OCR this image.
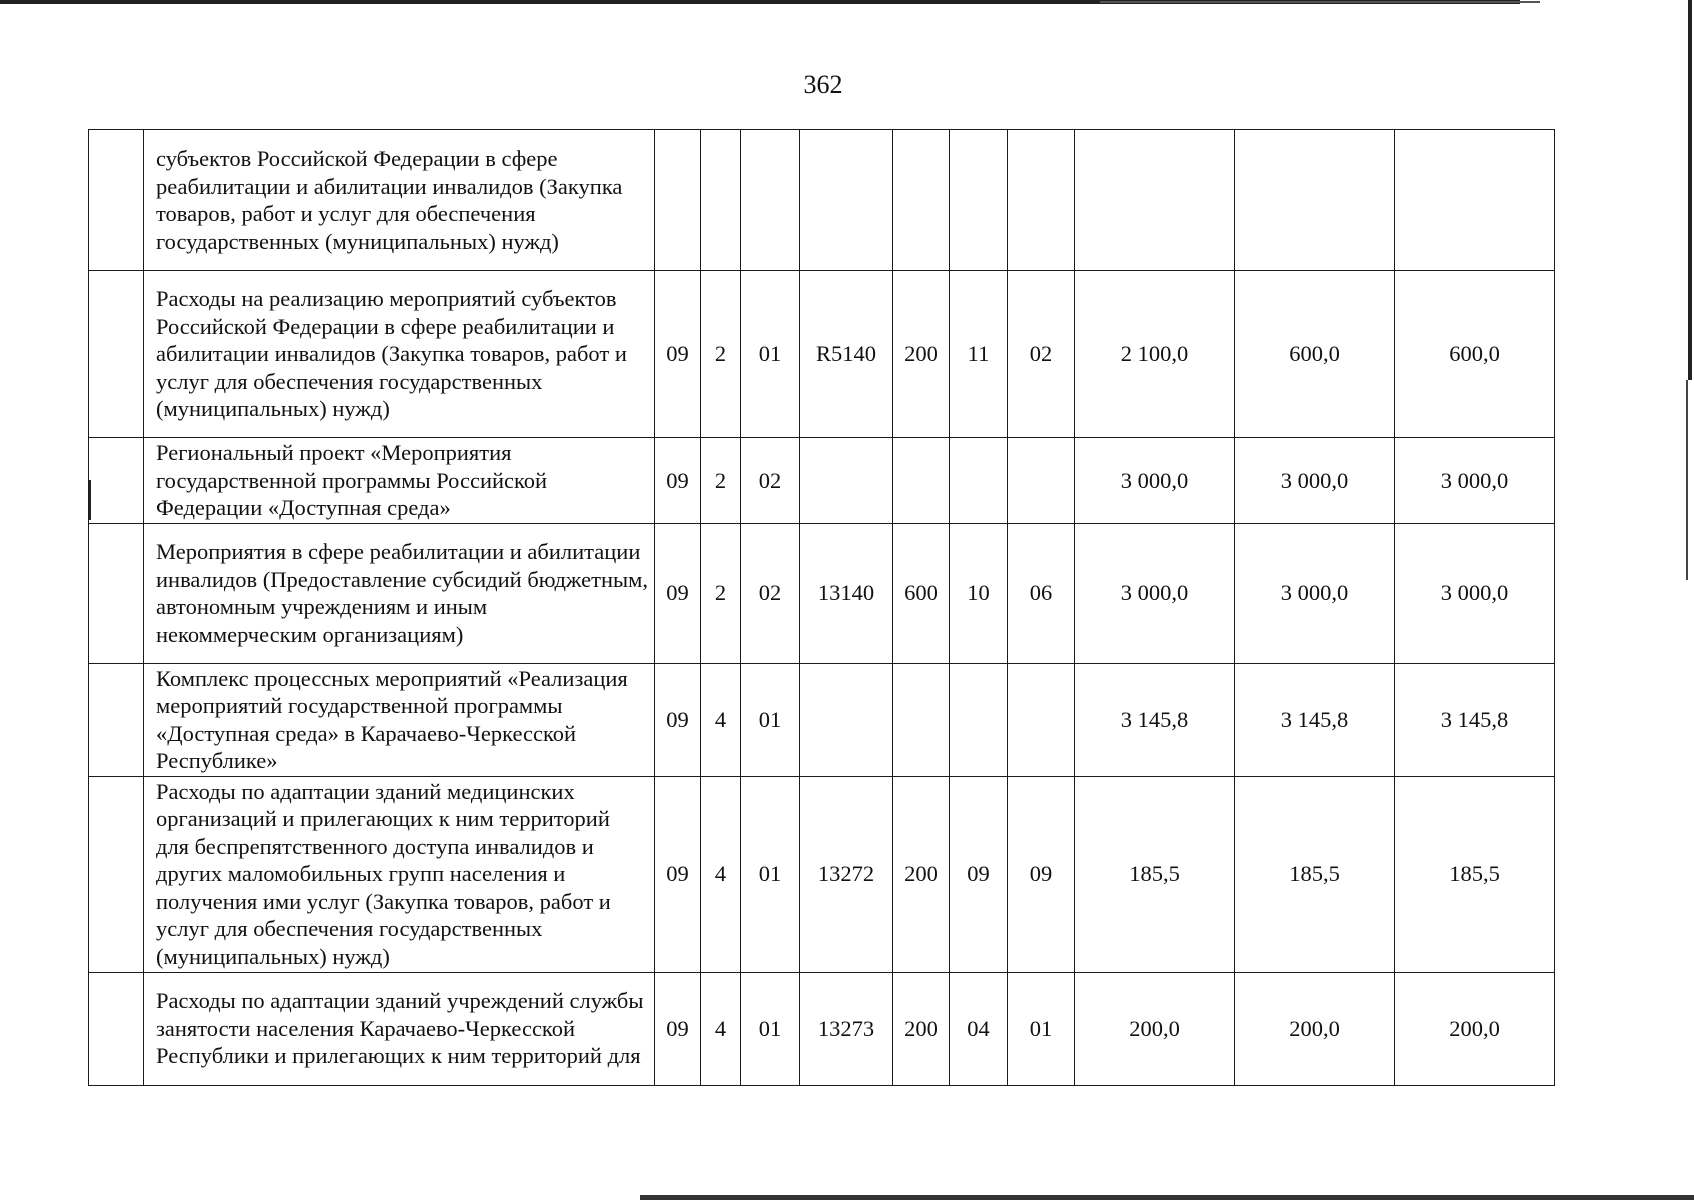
362
	субъектов Российской Федерации в сфере реабилитации и абилитации инвалидов (Закупка товаров, работ и услуг для обеспечения государственных (муниципальных) нужд)										
	Расходы на реализацию мероприятий субъектов Российской Федерации в сфере реабилитации и абилитации инвалидов (Закупка товаров, работ и услуг для обеспечения государственных (муниципальных) нужд)	09	2	01	R5140	200	11	02	2 100,0	600,0	600,0
	Региональный проект «Мероприятия государственной программы Российской Федерации «Доступная среда»	09	2	02					3 000,0	3 000,0	3 000,0
	Мероприятия в сфере реабилитации и абилитации инвалидов (Предоставление субсидий бюджетным, автономным учреждениям и иным некоммерческим организациям)	09	2	02	13140	600	10	06	3 000,0	3 000,0	3 000,0
	Комплекс процессных мероприятий «Реализация мероприятий государственной программы «Доступная среда» в Карачаево-Черкесской Республике»	09	4	01					3 145,8	3 145,8	3 145,8
	Расходы по адаптации зданий медицинских организаций и прилегающих к ним территорий для беспрепятственного доступа инвалидов и других маломобильных групп населения и получения ими услуг (Закупка товаров, работ и услуг для обеспечения государственных (муниципальных) нужд)	09	4	01	13272	200	09	09	185,5	185,5	185,5
	Расходы по адаптации зданий учреждений службы занятости населения Карачаево-Черкесской Республики и прилегающих к ним территорий для	09	4	01	13273	200	04	01	200,0	200,0	200,0
